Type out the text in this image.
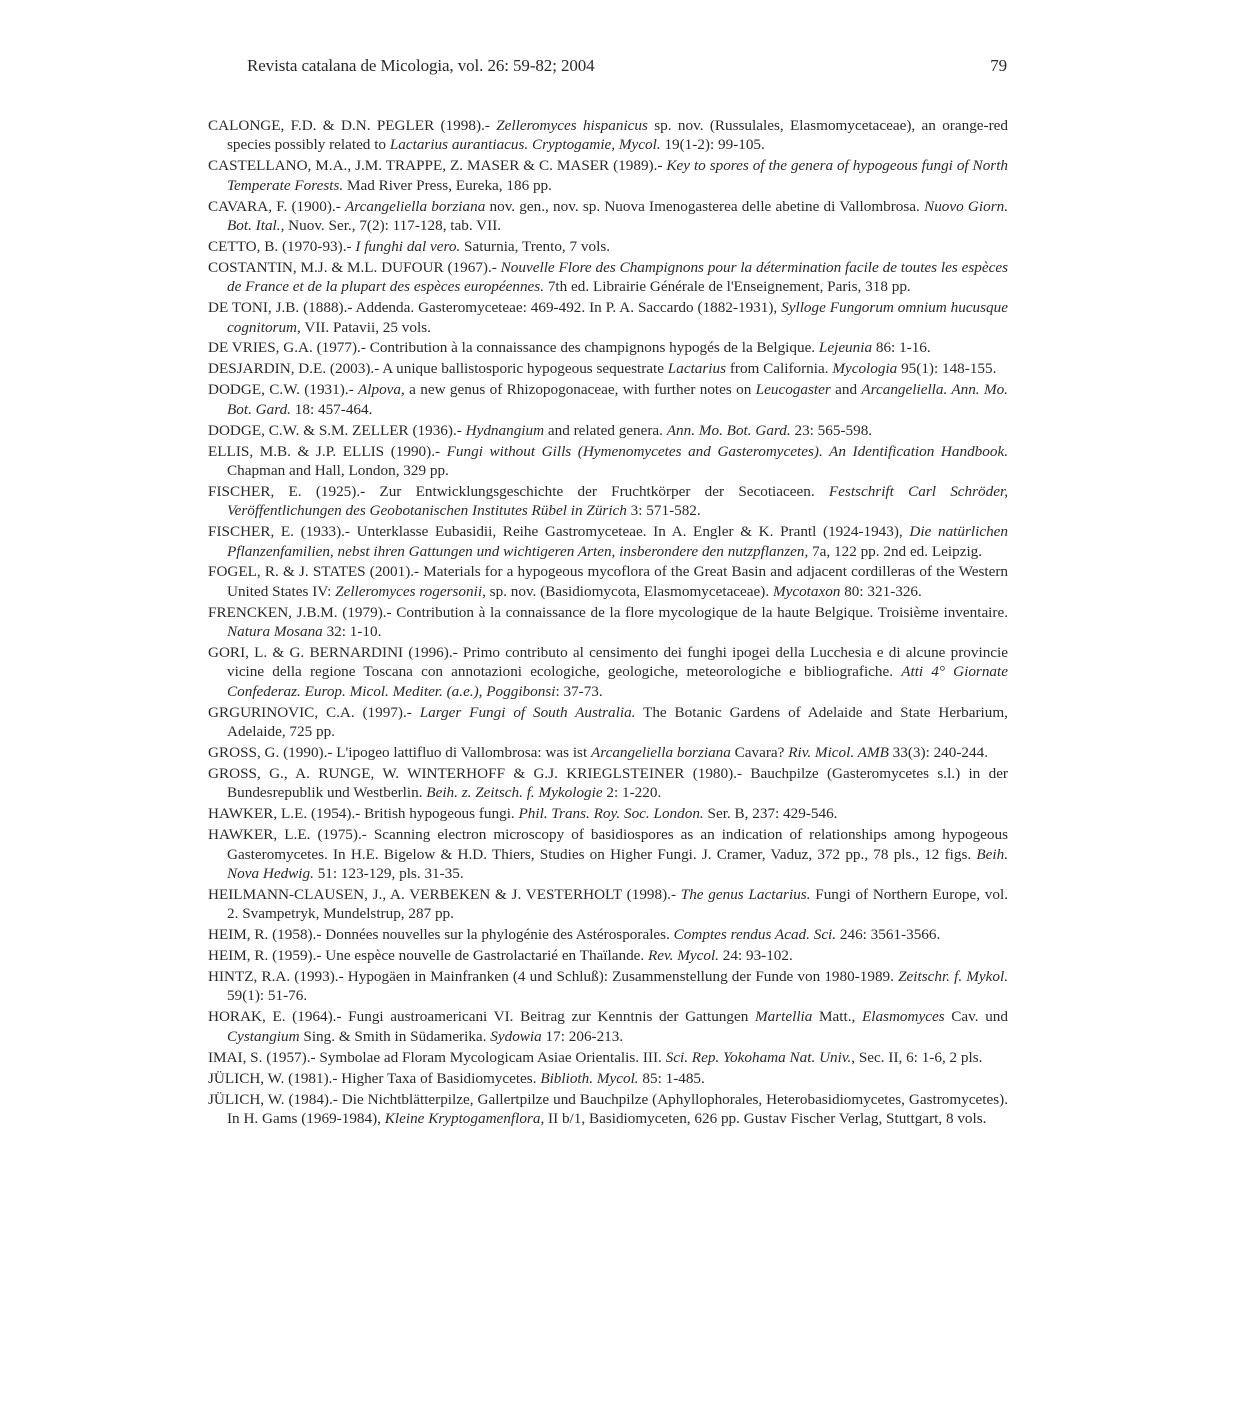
Revista catalana de Micologia, vol. 26: 59-82; 2004	79

CALONGE, F.D. & D.N. PEGLER (1998).- Zelleromyces hispanicus sp. nov. (Russulales, Elasmomycetaceae), an orange-red species possibly related to Lactarius aurantiacus. Cryptogamie, Mycol. 19(1-2): 99-105.

CASTELLANO, M.A., J.M. TRAPPE, Z. MASER & C. MASER (1989).- Key to spores of the genera of hypogeous fungi of North Temperate Forests. Mad River Press, Eureka, 186 pp.

CAVARA, F. (1900).- Arcangeliella borziana nov. gen., nov. sp. Nuova Imenogasterea delle abetine di Vallombrosa. Nuovo Giorn. Bot. Ital., Nuov. Ser., 7(2): 117-128, tab. VII.

CETTO, B. (1970-93).- I funghi dal vero. Saturnia, Trento, 7 vols.

COSTANTIN, M.J. & M.L. DUFOUR (1967).- Nouvelle Flore des Champignons pour la détermination facile de toutes les espèces de France et de la plupart des espèces européennes. 7th ed. Librairie Générale de l'Enseignement, Paris, 318 pp.

DE TONI, J.B. (1888).- Addenda. Gasteromyceteae: 469-492. In P. A. Saccardo (1882-1931), Sylloge Fungorum omnium hucusque cognitorum, VII. Patavii, 25 vols.

DE VRIES, G.A. (1977).- Contribution à la connaissance des champignons hypogés de la Belgique. Lejeunia 86: 1-16.

DESJARDIN, D.E. (2003).- A unique ballistosporic hypogeous sequestrate Lactarius from California. Mycologia 95(1): 148-155.

DODGE, C.W. (1931).- Alpova, a new genus of Rhizopogonaceae, with further notes on Leucogaster and Arcangeliella. Ann. Mo. Bot. Gard. 18: 457-464.

DODGE, C.W. & S.M. ZELLER (1936).- Hydnangium and related genera. Ann. Mo. Bot. Gard. 23: 565-598.

ELLIS, M.B. & J.P. ELLIS (1990).- Fungi without Gills (Hymenomycetes and Gasteromycetes). An Identification Handbook. Chapman and Hall, London, 329 pp.

FISCHER, E. (1925).- Zur Entwicklungsgeschichte der Fruchtkörper der Secotiaceen. Festschrift Carl Schröder, Veröffentlichungen des Geobotanischen Institutes Rübel in Zürich 3: 571-582.

FISCHER, E. (1933).- Unterklasse Eubasidii, Reihe Gastromyceteae. In A. Engler & K. Prantl (1924-1943), Die natürlichen Pflanzenfamilien, nebst ihren Gattungen und wichtigeren Arten, insberondere den nutzpflanzen, 7a, 122 pp. 2nd ed. Leipzig.

FOGEL, R. & J. STATES (2001).- Materials for a hypogeous mycoflora of the Great Basin and adjacent cordilleras of the Western United States IV: Zelleromyces rogersonii, sp. nov. (Basidiomycota, Elasmomycetaceae). Mycotaxon 80: 321-326.

FRENCKEN, J.B.M. (1979).- Contribution à la connaissance de la flore mycologique de la haute Belgique. Troisième inventaire. Natura Mosana 32: 1-10.

GORI, L. & G. BERNARDINI (1996).- Primo contributo al censimento dei funghi ipogei della Lucchesia e di alcune provincie vicine della regione Toscana con annotazioni ecologiche, geologiche, meteorologiche e bibliografiche. Atti 4° Giornate Confederaz. Europ. Micol. Mediter. (a.e.), Poggibonsi: 37-73.

GRGURINOVIC, C.A. (1997).- Larger Fungi of South Australia. The Botanic Gardens of Adelaide and State Herbarium, Adelaide, 725 pp.

GROSS, G. (1990).- L'ipogeo lattifluo di Vallombrosa: was ist Arcangeliella borziana Cavara? Riv. Micol. AMB 33(3): 240-244.

GROSS, G., A. RUNGE, W. WINTERHOFF & G.J. KRIEGLSTEINER (1980).- Bauchpilze (Gasteromycetes s.l.) in der Bundesrepublik und Westberlin. Beih. z. Zeitsch. f. Mykologie 2: 1-220.

HAWKER, L.E. (1954).- British hypogeous fungi. Phil. Trans. Roy. Soc. London. Ser. B, 237: 429-546.

HAWKER, L.E. (1975).- Scanning electron microscopy of basidiospores as an indication of relationships among hypogeous Gasteromycetes. In H.E. Bigelow & H.D. Thiers, Studies on Higher Fungi. J. Cramer, Vaduz, 372 pp., 78 pls., 12 figs. Beih. Nova Hedwig. 51: 123-129, pls. 31-35.

HEILMANN-CLAUSEN, J., A. VERBEKEN & J. VESTERHOLT (1998).- The genus Lactarius. Fungi of Northern Europe, vol. 2. Svampetryk, Mundelstrup, 287 pp.

HEIM, R. (1958).- Données nouvelles sur la phylogénie des Astérosporales. Comptes rendus Acad. Sci. 246: 3561-3566.

HEIM, R. (1959).- Une espèce nouvelle de Gastrolactarié en Thaïlande. Rev. Mycol. 24: 93-102.

HINTZ, R.A. (1993).- Hypogäen in Mainfranken (4 und Schluß): Zusammenstellung der Funde von 1980-1989. Zeitschr. f. Mykol. 59(1): 51-76.

HORAK, E. (1964).- Fungi austroamericani VI. Beitrag zur Kenntnis der Gattungen Martellia Matt., Elasmomyces Cav. und Cystangium Sing. & Smith in Südamerika. Sydowia 17: 206-213.

IMAI, S. (1957).- Symbolae ad Floram Mycologicam Asiae Orientalis. III. Sci. Rep. Yokohama Nat. Univ., Sec. II, 6: 1-6, 2 pls.

JÜLICH, W. (1981).- Higher Taxa of Basidiomycetes. Biblioth. Mycol. 85: 1-485.

JÜLICH, W. (1984).- Die Nichtblätterpilze, Gallertpilze und Bauchpilze (Aphyllophorales, Heterobasidiomycetes, Gastromycetes). In H. Gams (1969-1984), Kleine Kryptogamenflora, II b/1, Basidiomyceten, 626 pp. Gustav Fischer Verlag, Stuttgart, 8 vols.
